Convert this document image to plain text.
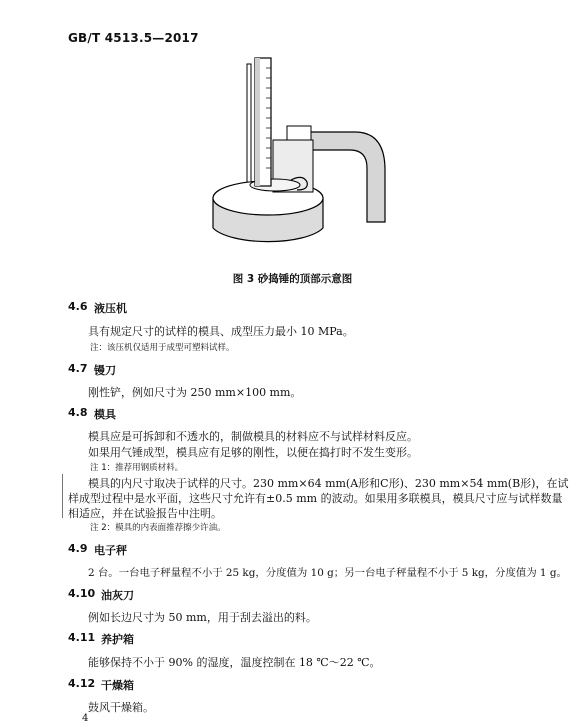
GB/T 4513.5—2017
图 3 砂捣锤的顶部示意图
4.6 液压机
具有规定尺寸的试样的模具、成型压力最小 10 MPa。
注：该压机仅适用于成型可塑料试样。
4.7 镘刀
刚性铲，例如尺寸为 250 mm×100 mm。
4.8 模具
模具应是可拆卸和不透水的，制做模具的材料应不与试样材料反应。
如果用气锤成型，模具应有足够的刚性，以便在捣打时不发生变形。
注 1：推荐用钢质材料。
模具的内尺寸取决于试样的尺寸。230 mm×64 mm(A形和C形)、230 mm×54 mm(B形)，在试
样成型过程中是水平面，这些尺寸允许有±0.5 mm 的波动。如果用多联模具，模具尺寸应与试样数量
相适应，并在试验报告中注明。
注 2：模具的内表面推荐擦少许油。
4.9 电子秤
2 台。一台电子秤量程不小于 25 kg，分度值为 10 g；另一台电子秤量程不小于 5 kg，分度值为 1 g。
4.10 油灰刀
例如长边尺寸为 50 mm，用于刮去溢出的料。
4.11 养护箱
能够保持不小于 90% 的湿度，温度控制在 18 ℃～22 ℃。
4.12 干燥箱
鼓风干燥箱。
4
